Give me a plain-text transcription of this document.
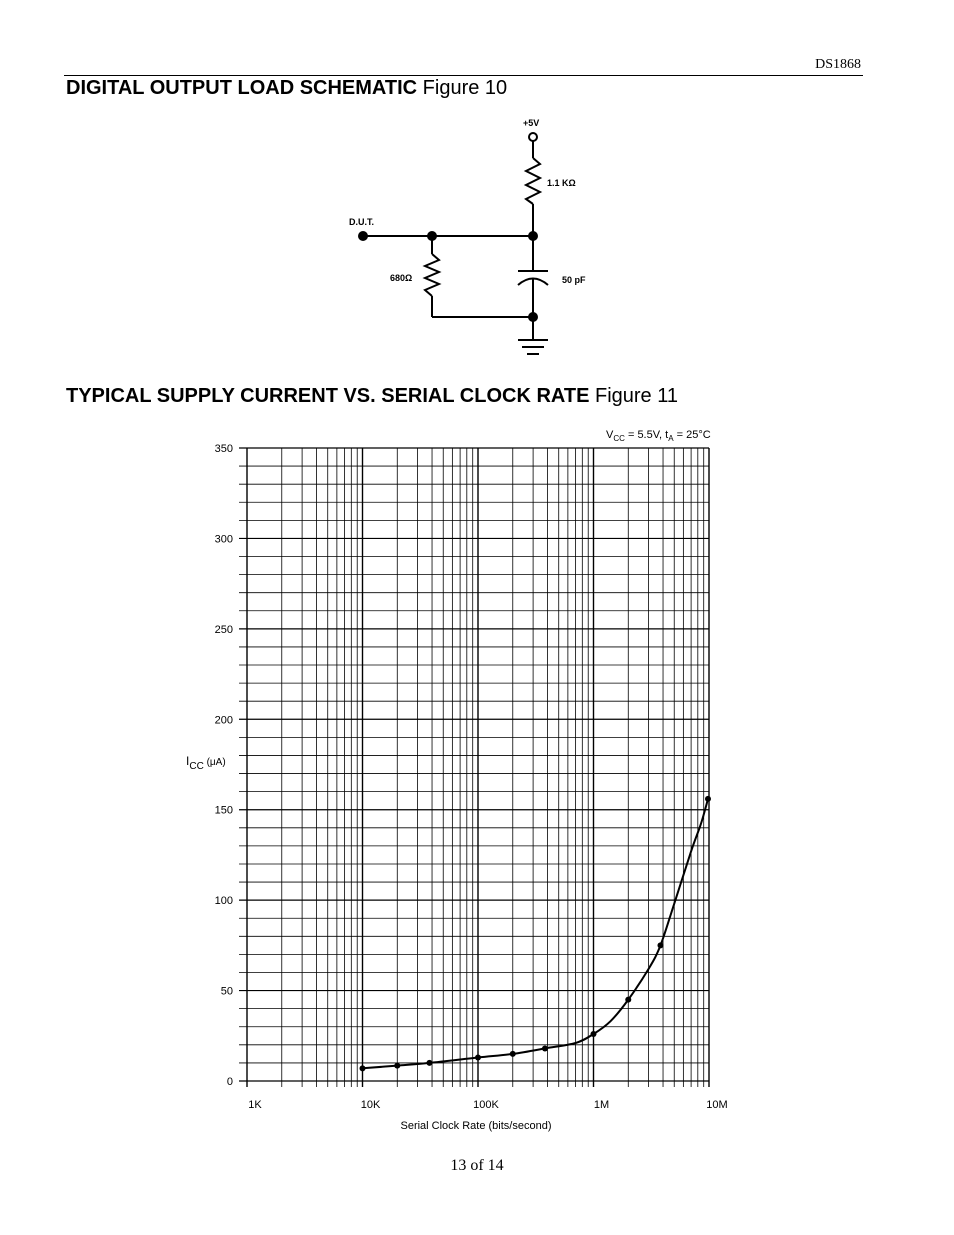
DS1868
DIGITAL OUTPUT LOAD SCHEMATIC Figure 10
+5V
1.1 KΩ
D.U.T.
680Ω	50 pF
TYPICAL SUPPLY CURRENT VS. SERIAL CLOCK RATE Figure 11
0
50
100
150
200
250
300
350
1K	10K	100K	1M	10M
$V_{CC} = 5.5V$, $t_A = 25^\circ C$
$I_{CC}$ $^{(\mu A)}$
Serial Clock Rate (bits/second)
13 of 14
